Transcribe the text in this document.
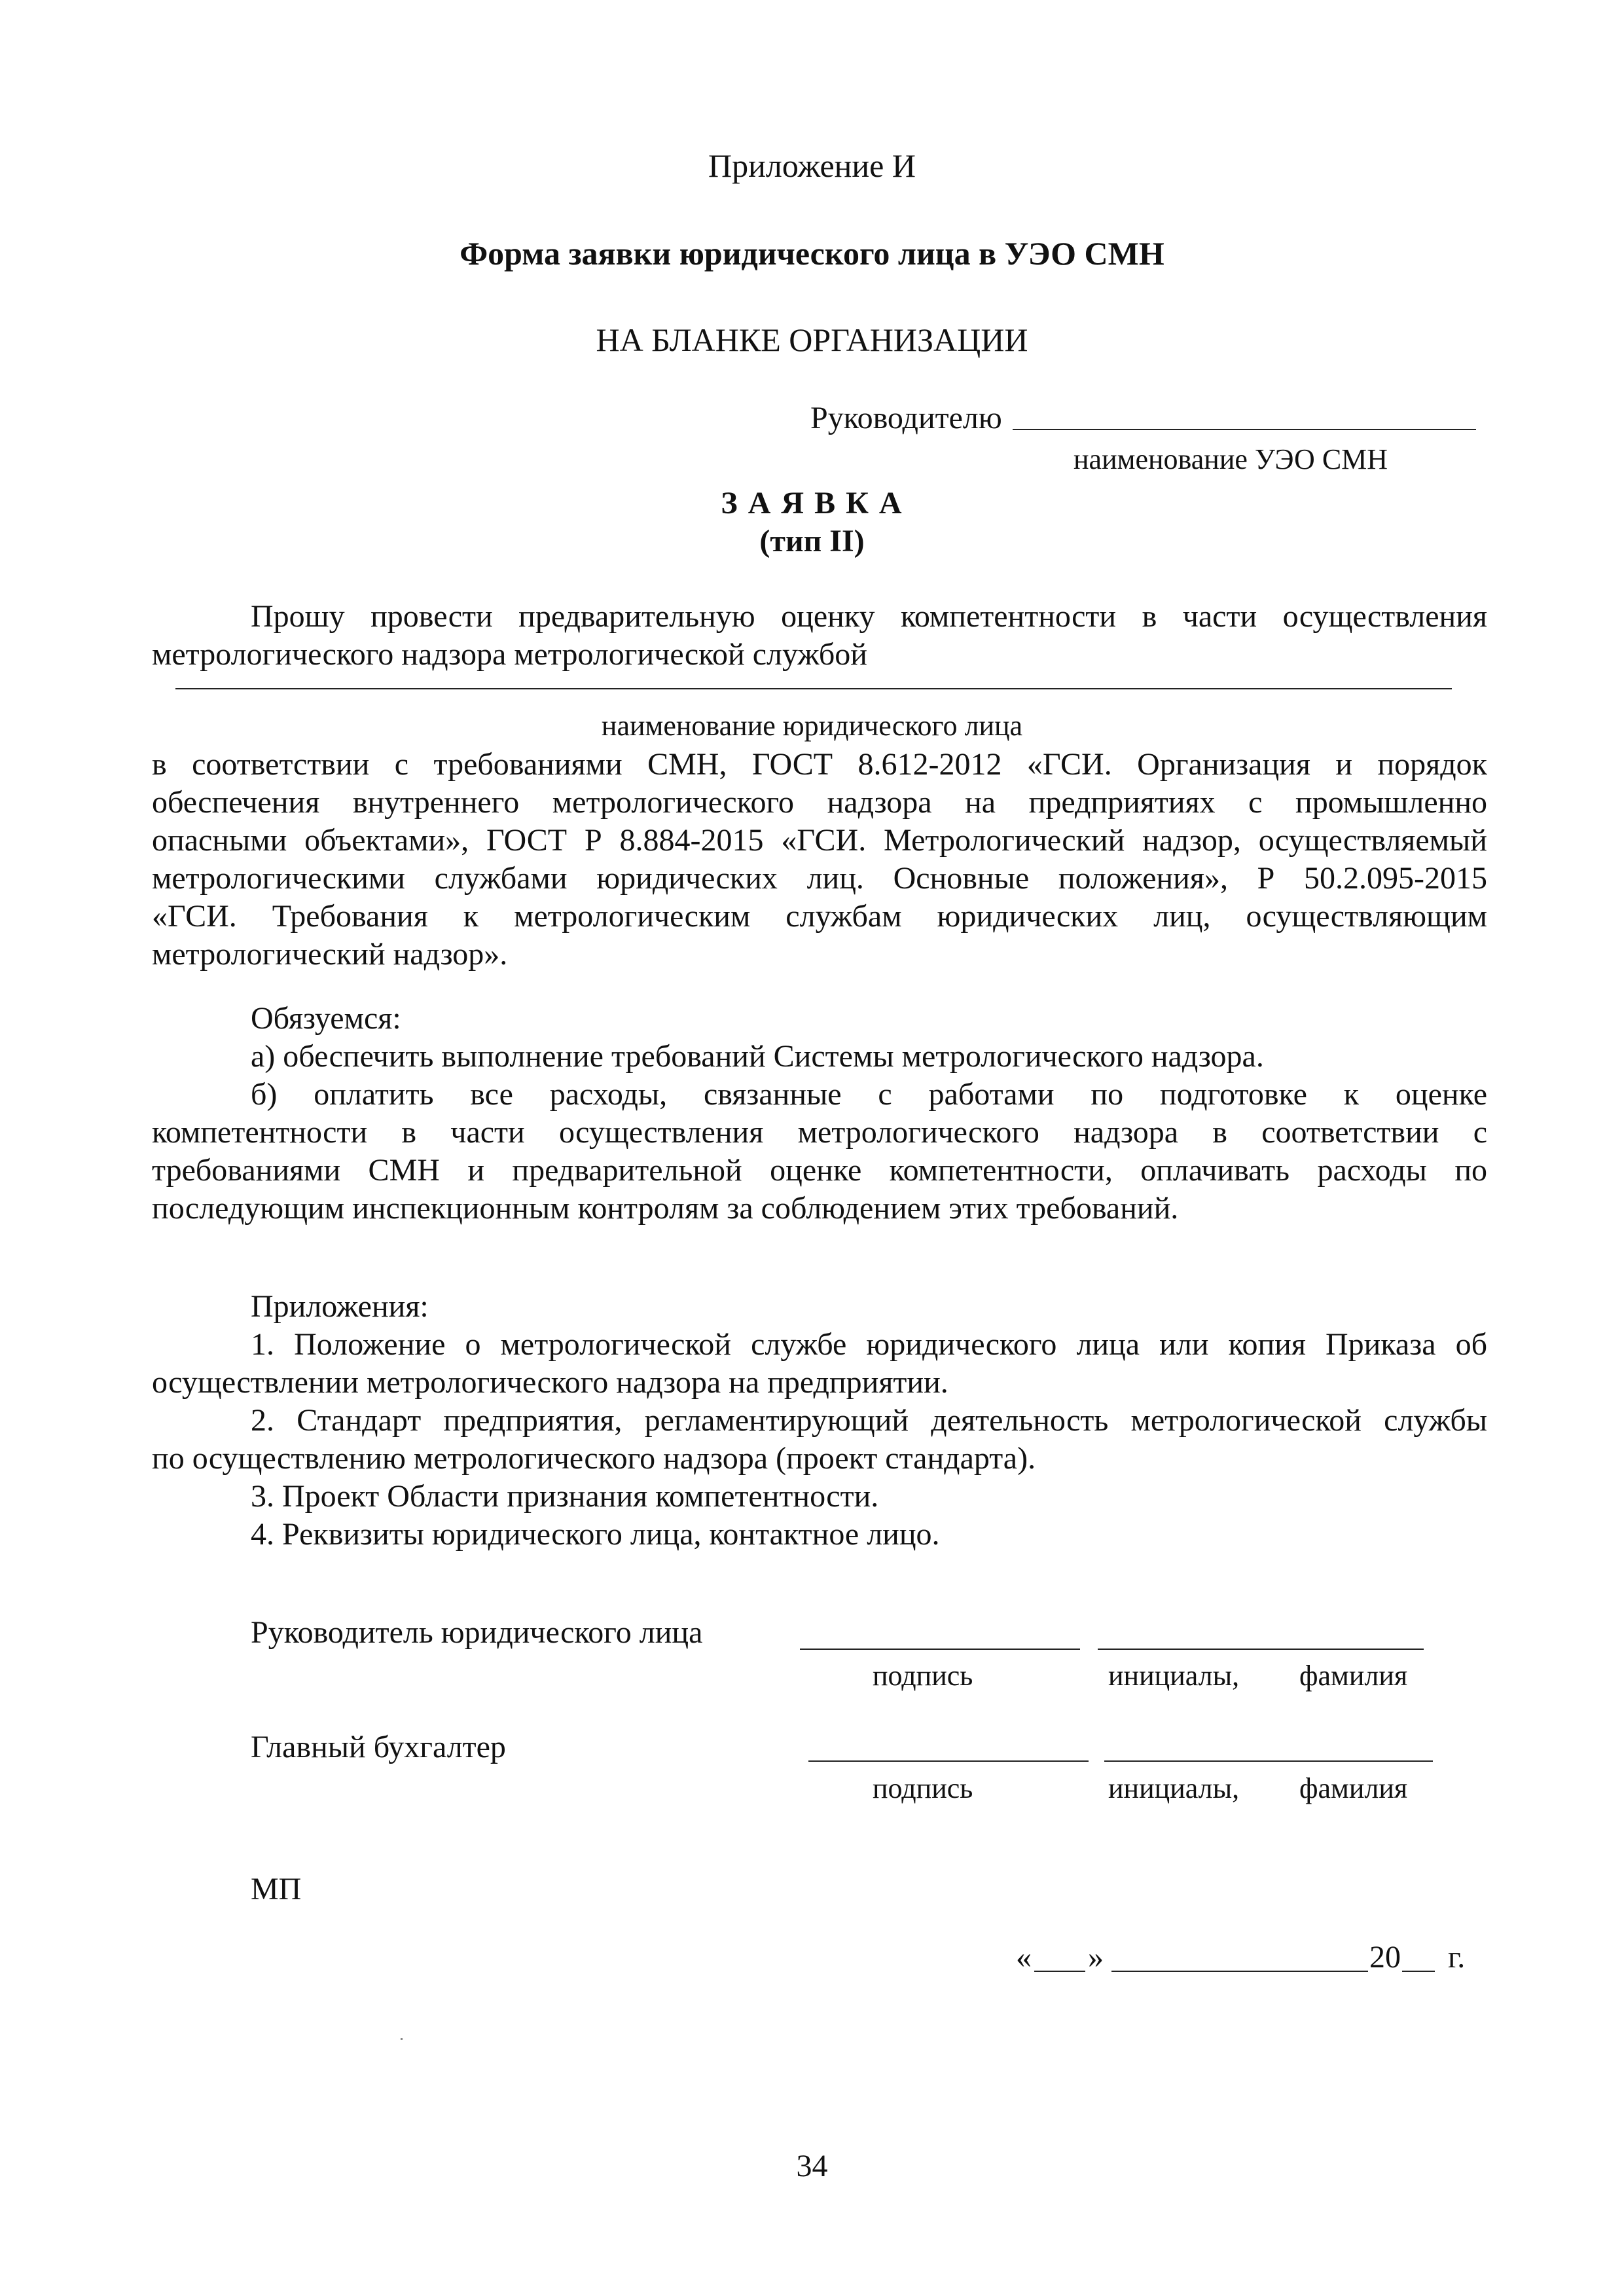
Приложение И
Форма заявки юридического лица в УЭО СМН
НА БЛАНКЕ ОРГАНИЗАЦИИ
Руководителю
наименование УЭО СМН
З А Я В К А
(тип II)
Прошу провести предварительную оценку компетентности в части осуществления
метрологического надзора метрологической службой
наименование юридического лица
в соответствии с требованиями СМН, ГОСТ 8.612-2012 «ГСИ. Организация и порядок
обеспечения внутреннего метрологического надзора на предприятиях с промышленно
опасными объектами», ГОСТ Р 8.884-2015 «ГСИ. Метрологический надзор, осуществляемый
метрологическими службами юридических лиц. Основные положения», Р 50.2.095-2015
«ГСИ. Требования к метрологическим службам юридических лиц, осуществляющим
метрологический надзор».
Обязуемся:
а) обеспечить выполнение требований Системы метрологического надзора.
б) оплатить все расходы, связанные с работами по подготовке к оценке
компетентности в части осуществления метрологического надзора в соответствии с
требованиями СМН и предварительной оценке компетентности, оплачивать расходы по
последующим инспекционным контролям за соблюдением этих требований.
Приложения:
1. Положение о метрологической службе юридического лица или копия Приказа об
осуществлении метрологического надзора на предприятии.
2. Стандарт предприятия, регламентирующий деятельность метрологической службы
по осуществлению метрологического надзора (проект стандарта).
3. Проект Области признания компетентности.
4. Реквизиты юридического лица, контактное лицо.
Руководитель юридического лица
подпись	инициалы, фамилия
Главный бухгалтер
подпись	инициалы, фамилия
МП
« »	20 г.
34
